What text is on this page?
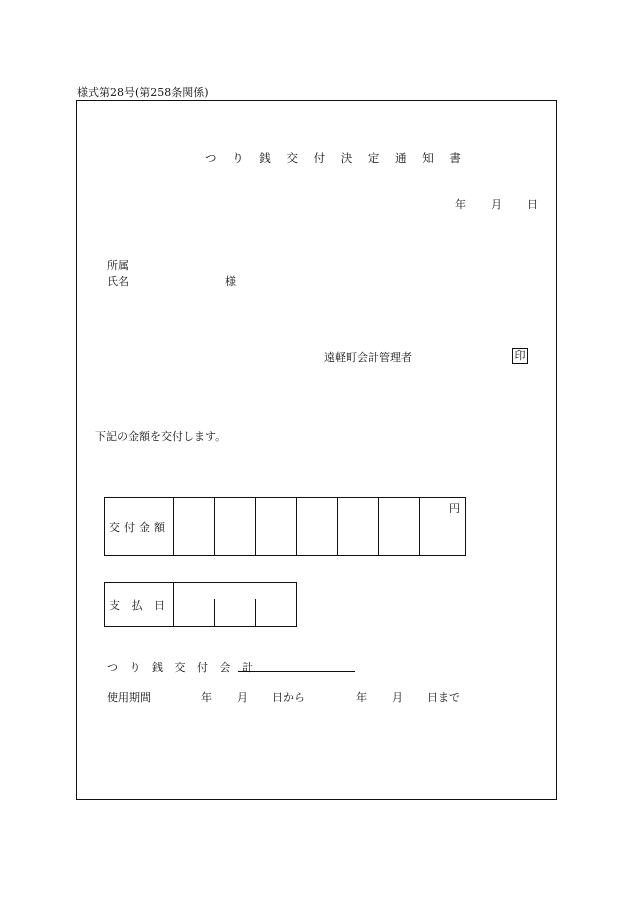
様式第28号(第258条関係)
つ り 銭 交 付 決 定 通 知 書
年 月 日
所属
氏名	様
遠軽町会計管理者	印
下記の金額を交付します。
交付金額							円
支 払 日	
つ り 銭 交 付 会 計
使用期間	年 月 日から	年 月 日まで
